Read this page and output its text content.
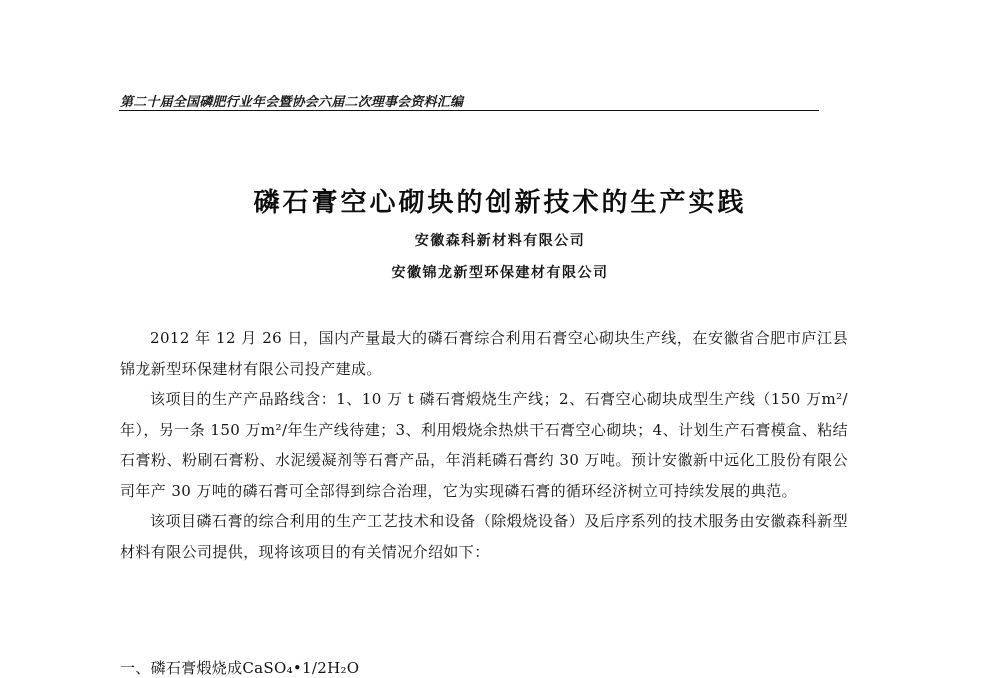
第二十届全国磷肥行业年会暨协会六届二次理事会资料汇编
磷石膏空心砌块的创新技术的生产实践
安徽森科新材料有限公司
安徽锦龙新型环保建材有限公司

2012 年 12 月 26 日，国内产量最大的磷石膏综合利用石膏空心砌块生产线，在安徽省合肥市庐江县锦龙新型环保建材有限公司投产建成。

该项目的生产产品路线含：1、10 万 t 磷石膏煅烧生产线；2、石膏空心砌块成型生产线（150 万m²/年），另一条 150 万m²/年生产线待建；3、利用煅烧余热烘干石膏空心砌块；4、计划生产石膏模盒、粘结石膏粉、粉刷石膏粉、水泥缓凝剂等石膏产品，年消耗磷石膏约 30 万吨。预计安徽新中远化工股份有限公司年产 30 万吨的磷石膏可全部得到综合治理，它为实现磷石膏的循环经济树立可持续发展的典范。

该项目磷石膏的综合利用的生产工艺技术和设备（除煅烧设备）及后序系列的技术服务由安徽森科新型材料有限公司提供，现将该项目的有关情况介绍如下：

一、磷石膏煅烧成CaSO₄•1/2H₂O
